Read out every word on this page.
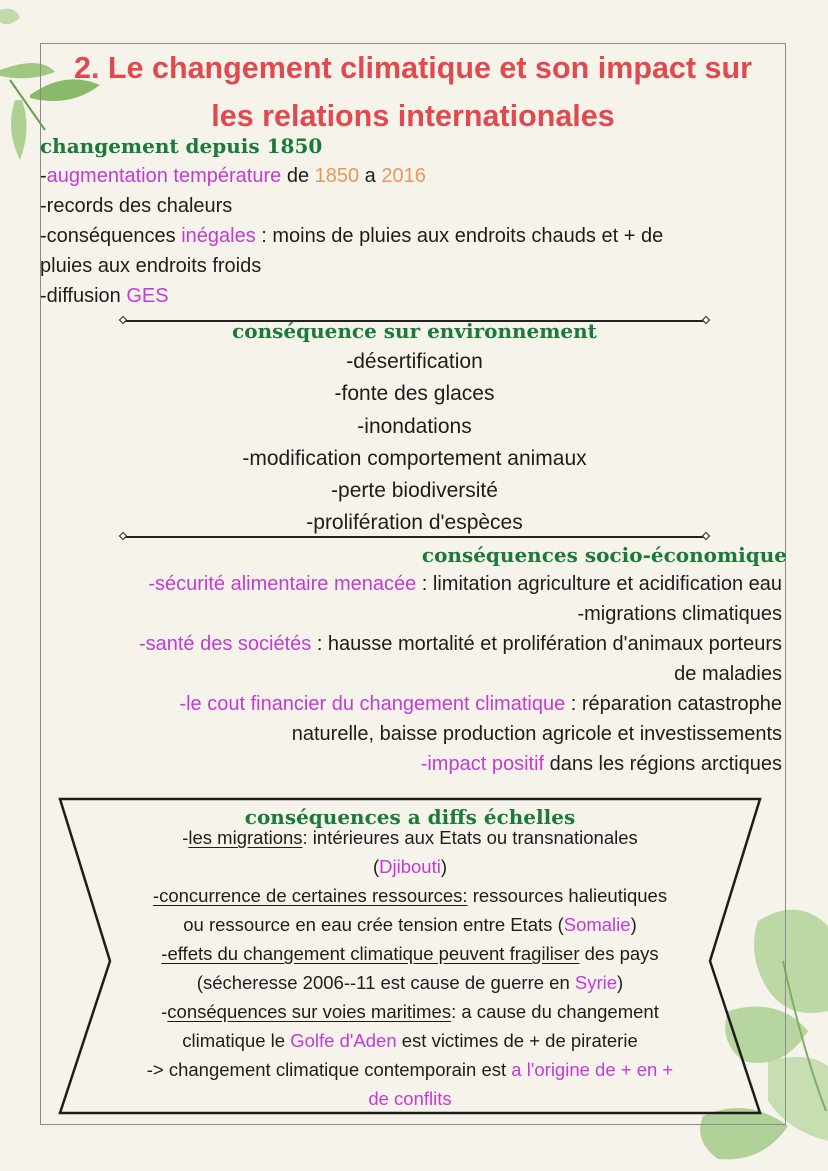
2. Le changement climatique et son impact sur
les relations internationales

changement depuis 1850

-augmentation température de 1850 a 2016

-records des chaleurs

-conséquences inégales : moins de pluies aux endroits chauds et + de

pluies aux endroits froids

-diffusion GES

conséquence sur environnement

-désertification
-fonte des glaces
-inondations
-modification comportement animaux
-perte biodiversité
-prolifération d'espèces

conséquences socio-économique

-sécurité alimentaire menacée : limitation agriculture et acidification eau

-migrations climatiques

-santé des sociétés : hausse mortalité et prolifération d'animaux porteurs

de maladies

-le cout financier du changement climatique : réparation catastrophe

naturelle, baisse production agricole et investissements

-impact positif dans les régions arctiques

conséquences a diffs échelles

-les migrations: intérieures aux Etats ou transnationales

(Djibouti)

-concurrence de certaines ressources: ressources halieutiques

ou ressource en eau crée tension entre Etats (Somalie)

-effets du changement climatique peuvent fragiliser des pays

(sécheresse 2006--11 est cause de guerre en Syrie)

-conséquences sur voies maritimes: a cause du changement

climatique le Golfe d'Aden est victimes de + de piraterie

-> changement climatique contemporain est a l'origine de + en +

de conflits
